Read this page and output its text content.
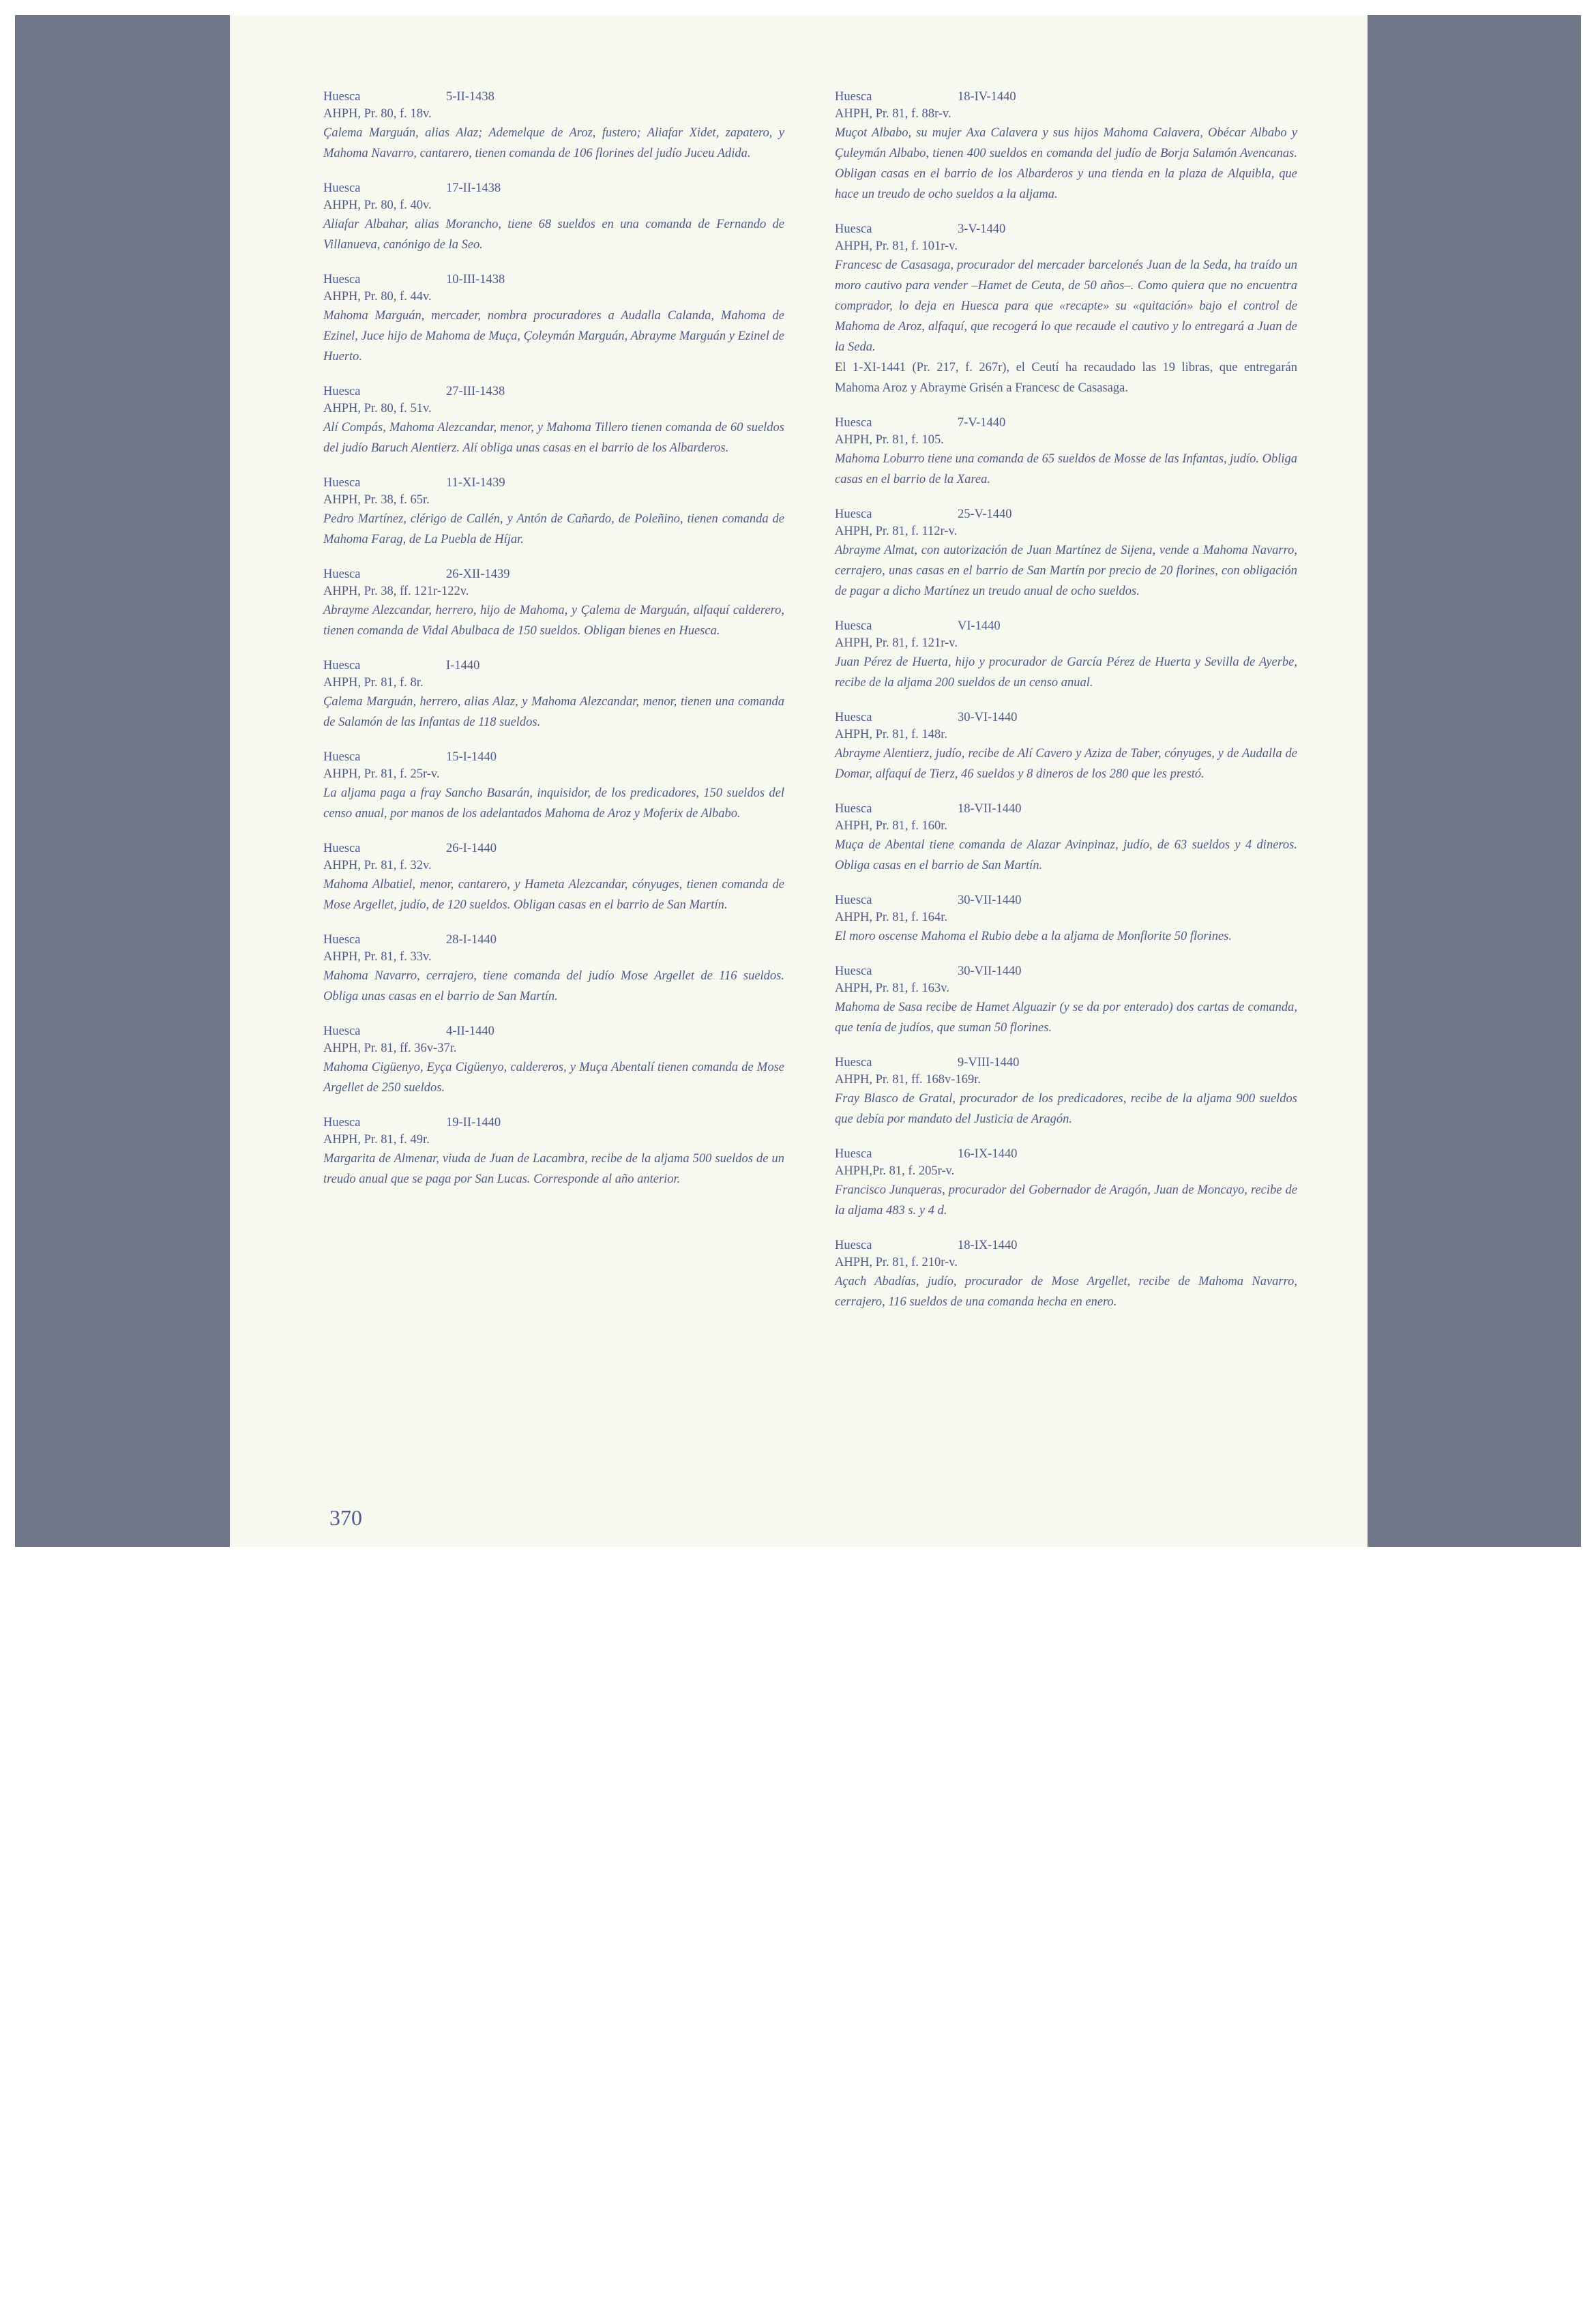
Huesca	5-II-1438
AHPH, Pr. 80, f. 18v.

Çalema Marguán, alias Alaz; Ademelque de Aroz, fustero; Aliafar Xidet, zapatero, y Mahoma Navarro, cantarero, tienen comanda de 106 florines del judío Juceu Adida.

Huesca	17-II-1438
AHPH, Pr. 80, f. 40v.

Aliafar Albahar, alias Morancho, tiene 68 sueldos en una comanda de Fernando de Villanueva, canónigo de la Seo.

Huesca	10-III-1438
AHPH, Pr. 80, f. 44v.

Mahoma Marguán, mercader, nombra procuradores a Audalla Calanda, Mahoma de Ezinel, Juce hijo de Mahoma de Muça, Çoleymán Marguán, Abrayme Marguán y Ezinel de Huerto.

Huesca	27-III-1438
AHPH, Pr. 80, f. 51v.

Alí Compás, Mahoma Alezcandar, menor, y Mahoma Tillero tienen comanda de 60 sueldos del judío Baruch Alentierz. Alí obliga unas casas en el barrio de los Albarderos.

Huesca	11-XI-1439
AHPH, Pr. 38, f. 65r.

Pedro Martínez, clérigo de Callén, y Antón de Cañardo, de Poleñino, tienen comanda de Mahoma Farag, de La Puebla de Híjar.

Huesca	26-XII-1439
AHPH, Pr. 38, ff. 121r-122v.

Abrayme Alezcandar, herrero, hijo de Mahoma, y Çalema de Marguán, alfaquí calderero, tienen comanda de Vidal Abulbaca de 150 sueldos. Obligan bienes en Huesca.

Huesca	I-1440
AHPH, Pr. 81, f. 8r.

Çalema Marguán, herrero, alias Alaz, y Mahoma Alezcandar, menor, tienen una comanda de Salamón de las Infantas de 118 sueldos.

Huesca	15-I-1440
AHPH, Pr. 81, f. 25r-v.

La aljama paga a fray Sancho Basarán, inquisidor, de los predicadores, 150 sueldos del censo anual, por manos de los adelantados Mahoma de Aroz y Moferix de Albabo.

Huesca	26-I-1440
AHPH, Pr. 81, f. 32v.

Mahoma Albatiel, menor, cantarero, y Hameta Alezcandar, cónyuges, tienen comanda de Mose Argellet, judío, de 120 sueldos. Obligan casas en el barrio de San Martín.

Huesca	28-I-1440
AHPH, Pr. 81, f. 33v.

Mahoma Navarro, cerrajero, tiene comanda del judío Mose Argellet de 116 sueldos. Obliga unas casas en el barrio de San Martín.

Huesca	4-II-1440
AHPH, Pr. 81, ff. 36v-37r.

Mahoma Cigüenyo, Eyça Cigüenyo, caldereros, y Muça Abentalí tienen comanda de Mose Argellet de 250 sueldos.

Huesca	19-II-1440
AHPH, Pr. 81, f. 49r.

Margarita de Almenar, viuda de Juan de Lacambra, recibe de la aljama 500 sueldos de un treudo anual que se paga por San Lucas. Corresponde al año anterior.

Huesca	18-IV-1440
AHPH, Pr. 81, f. 88r-v.

Muçot Albabo, su mujer Axa Calavera y sus hijos Mahoma Calavera, Obécar Albabo y Çuleymán Albabo, tienen 400 sueldos en comanda del judío de Borja Salamón Avencanas. Obligan casas en el barrio de los Albarderos y una tienda en la plaza de Alquibla, que hace un treudo de ocho sueldos a la aljama.

Huesca	3-V-1440
AHPH, Pr. 81, f. 101r-v.

Francesc de Casasaga, procurador del mercader barcelonés Juan de la Seda, ha traído un moro cautivo para vender –Hamet de Ceuta, de 50 años–. Como quiera que no encuentra comprador, lo deja en Huesca para que «recapte» su «quitación» bajo el control de Mahoma de Aroz, alfaquí, que recogerá lo que recaude el cautivo y lo entregará a Juan de la Seda.

El 1-XI-1441 (Pr. 217, f. 267r), el Ceutí ha recaudado las 19 libras, que entregarán Mahoma Aroz y Abrayme Grisén a Francesc de Casasaga.

Huesca	7-V-1440
AHPH, Pr. 81, f. 105.

Mahoma Loburro tiene una comanda de 65 sueldos de Mosse de las Infantas, judío. Obliga casas en el barrio de la Xarea.

Huesca	25-V-1440
AHPH, Pr. 81, f. 112r-v.

Abrayme Almat, con autorización de Juan Martínez de Sijena, vende a Mahoma Navarro, cerrajero, unas casas en el barrio de San Martín por precio de 20 florines, con obligación de pagar a dicho Martínez un treudo anual de ocho sueldos.

Huesca	VI-1440
AHPH, Pr. 81, f. 121r-v.

Juan Pérez de Huerta, hijo y procurador de García Pérez de Huerta y Sevilla de Ayerbe, recibe de la aljama 200 sueldos de un censo anual.

Huesca	30-VI-1440
AHPH, Pr. 81, f. 148r.

Abrayme Alentierz, judío, recibe de Alí Cavero y Aziza de Taber, cónyuges, y de Audalla de Domar, alfaquí de Tierz, 46 sueldos y 8 dineros de los 280 que les prestó.

Huesca	18-VII-1440
AHPH, Pr. 81, f. 160r.

Muça de Abental tiene comanda de Alazar Avinpinaz, judío, de 63 sueldos y 4 dineros. Obliga casas en el barrio de San Martín.

Huesca	30-VII-1440
AHPH, Pr. 81, f. 164r.

El moro oscense Mahoma el Rubio debe a la aljama de Monflorite 50 florines.

Huesca	30-VII-1440
AHPH, Pr. 81, f. 163v.

Mahoma de Sasa recibe de Hamet Alguazir (y se da por enterado) dos cartas de comanda, que tenía de judíos, que suman 50 florines.

Huesca	9-VIII-1440
AHPH, Pr. 81, ff. 168v-169r.

Fray Blasco de Gratal, procurador de los predicadores, recibe de la aljama 900 sueldos que debía por mandato del Justicia de Aragón.

Huesca	16-IX-1440
AHPH,Pr. 81, f. 205r-v.

Francisco Junqueras, procurador del Gobernador de Aragón, Juan de Moncayo, recibe de la aljama 483 s. y 4 d.

Huesca	18-IX-1440
AHPH, Pr. 81, f. 210r-v.

Açach Abadías, judío, procurador de Mose Argellet, recibe de Mahoma Navarro, cerrajero, 116 sueldos de una comanda hecha en enero.

370
